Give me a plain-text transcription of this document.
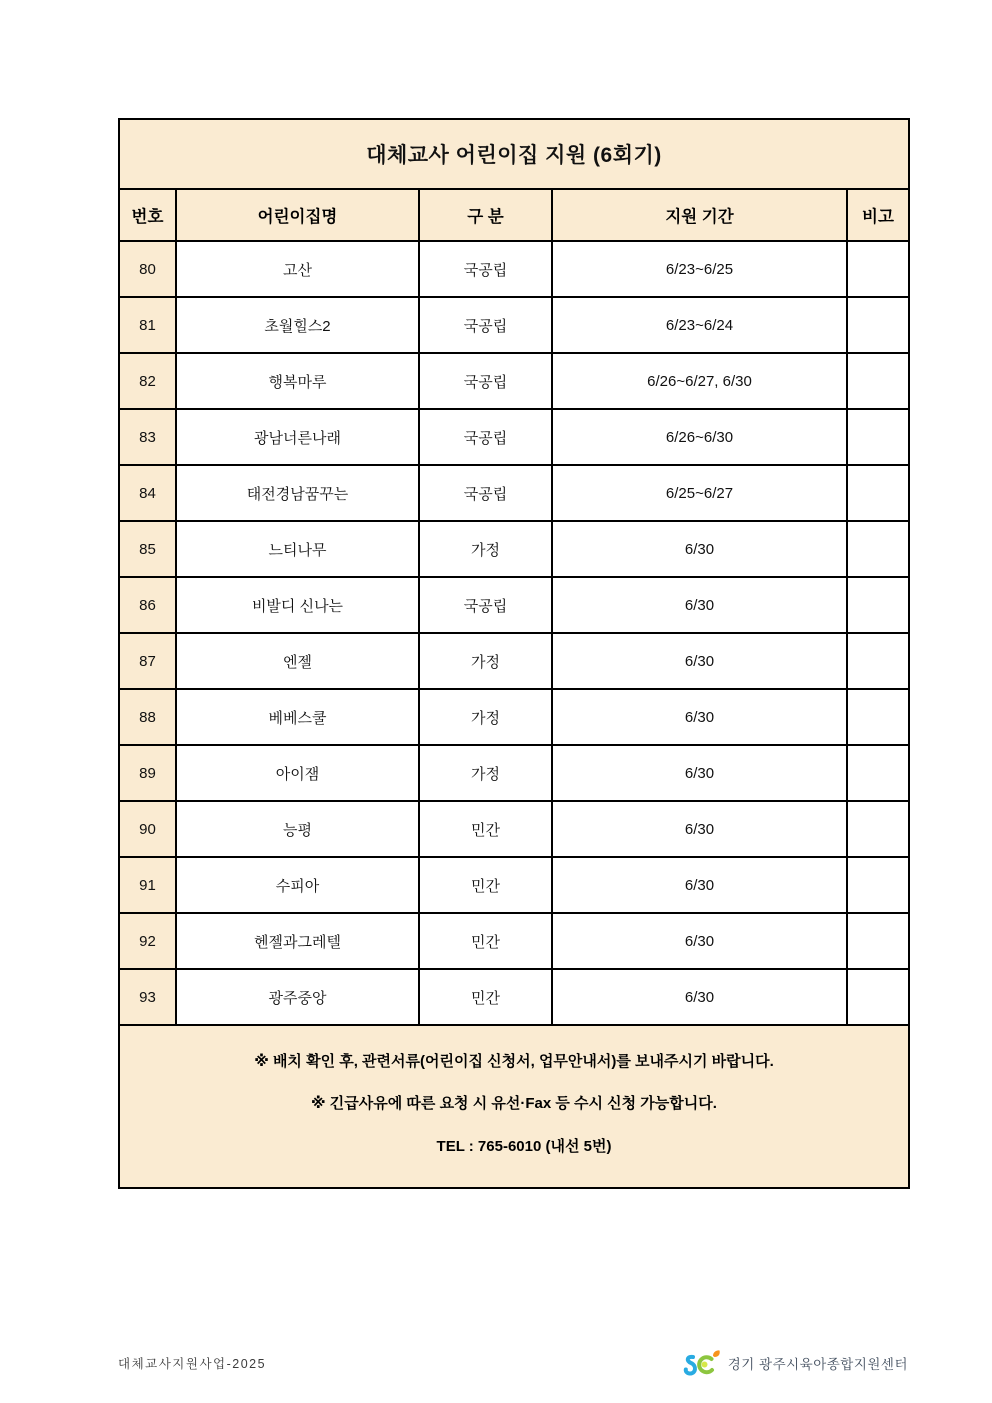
대체교사 어린이집 지원 (6회기)				
번호	어린이집명	구 분	지원 기간	비고
80	고산	국공립	6/23~6/25	
81	초월힐스2	국공립	6/23~6/24	
82	행복마루	국공립	6/26~6/27, 6/30	
83	광남너른나래	국공립	6/26~6/30	
84	태전경남꿈꾸는	국공립	6/25~6/27	
85	느티나무	가정	6/30	
86	비발디 신나는	국공립	6/30	
87	엔젤	가정	6/30	
88	베베스쿨	가정	6/30	
89	아이잼	가정	6/30	
90	능평	민간	6/30	
91	수피아	민간	6/30	
92	헨젤과그레텔	민간	6/30	
93	광주중앙	민간	6/30	

※ 배치 확인 후, 관련서류(어린이집 신청서, 업무안내서)를 보내주시기 바랍니다.
※ 긴급사유에 따른 요청 시 유선·Fax 등 수시 신청 가능합니다.
TEL : 765-6010 (내선 5번)				
대체교사지원사업-2025	경기 광주시육아종합지원센터
